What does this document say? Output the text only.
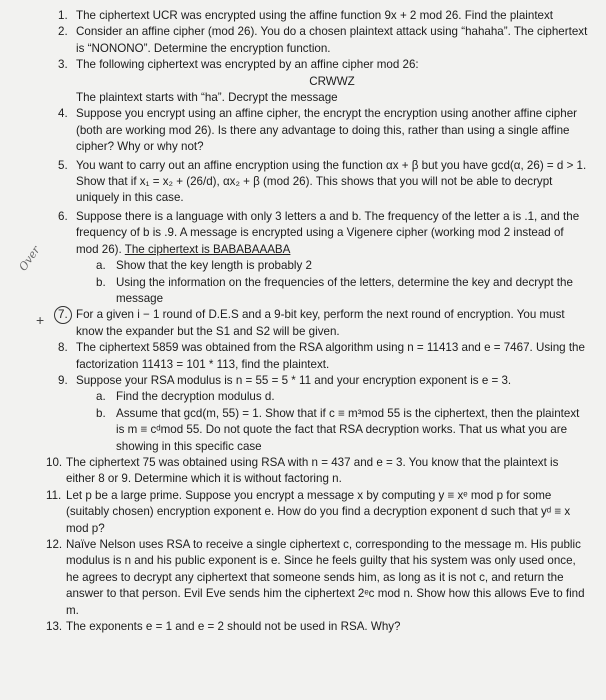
Over
+
1. The ciphertext UCR was encrypted using the affine function 9x + 2 mod 26. Find the plaintext
2. Consider an affine cipher (mod 26). You do a chosen plaintext attack using “hahaha”. The ciphertext is “NONONO”. Determine the encryption function.
3. The following ciphertext was encrypted by an affine cipher mod 26:
CRWWZ
The plaintext starts with “ha”. Decrypt the message
4. Suppose you encrypt using an affine cipher, the encrypt the encryption using another affine cipher (both are working mod 26). Is there any advantage to doing this, rather than using a single affine cipher? Why or why not?
5. You want to carry out an affine encryption using the function αx + β but you have gcd(α, 26) = d > 1. Show that if x₁ = x₂ + (26/d), αx₂ + β (mod 26). This shows that you will not be able to decrypt uniquely in this case.
6. Suppose there is a language with only 3 letters a and b. The frequency of the letter a is .1, and the frequency of b is .9. A message is encrypted using a Vigenere cipher (working mod 2 instead of mod 26). The ciphertext is BABABAAABA
a. Show that the key length is probably 2
b. Using the information on the frequencies of the letters, determine the key and decrypt the message
7. For a given i − 1 round of D.E.S and a 9-bit key, perform the next round of encryption. You must know the expander but the S1 and S2 will be given.
8. The ciphertext 5859 was obtained from the RSA algorithm using n = 11413 and e = 7467. Using the factorization 11413 = 101 * 113, find the plaintext.
9. Suppose your RSA modulus is n = 55 = 5 * 11 and your encryption exponent is e = 3.
a. Find the decryption modulus d.
b. Assume that gcd(m, 55) = 1. Show that if c ≡ m³mod 55 is the ciphertext, then the plaintext is m ≡ cᵈmod 55. Do not quote the fact that RSA decryption works. That us what you are showing in this specific case
10. The ciphertext 75 was obtained using RSA with n = 437 and e = 3. You know that the plaintext is either 8 or 9. Determine which it is without factoring n.
11. Let p be a large prime. Suppose you encrypt a message x by computing y ≡ xᵉ mod p for some (suitably chosen) encryption exponent e. How do you find a decryption exponent d such that yᵈ ≡ x mod p?
12. Naïve Nelson uses RSA to receive a single ciphertext c, corresponding to the message m. His public modulus is n and his public exponent is e. Since he feels guilty that his system was only used once, he agrees to decrypt any ciphertext that someone sends him, as long as it is not c, and return the answer to that person. Evil Eve sends him the ciphertext 2ᵉc mod n. Show how this allows Eve to find m.
13. The exponents e = 1 and e = 2 should not be used in RSA. Why?
